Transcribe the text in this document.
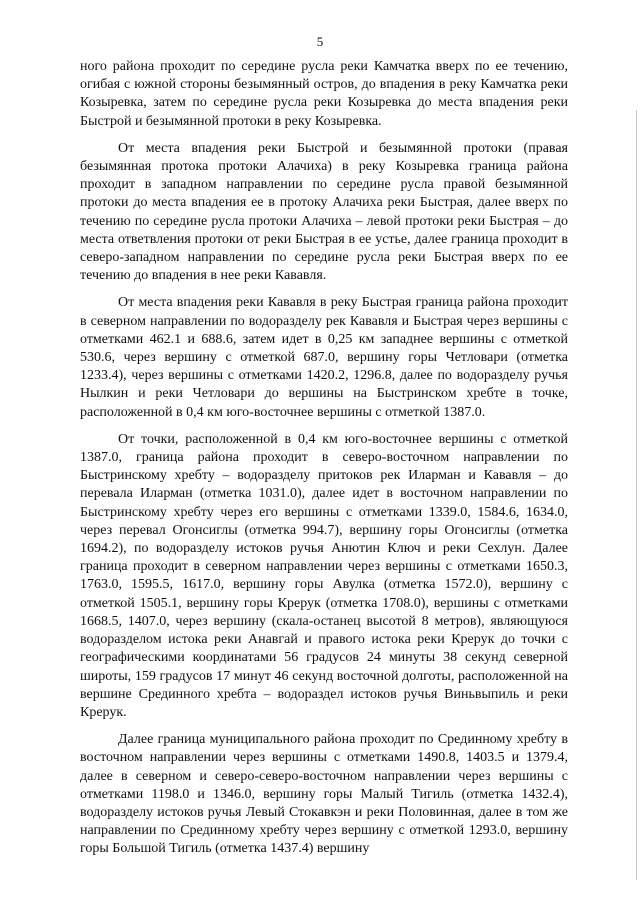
5

ного района проходит по середине русла реки Камчатка вверх по ее течению, огибая с южной стороны безымянный остров, до впадения в реку Камчатка реки Козыревка, затем по середине русла реки Козыревка до места впадения реки Быстрой и безымянной протоки в реку Козыревка.

От места впадения реки Быстрой и безымянной протоки (правая безымянная протока протоки Алачиха) в реку Козыревка граница района проходит в западном направлении по середине русла правой безымянной протоки до места впадения ее в протоку Алачиха реки Быстрая, далее вверх по течению по середине русла протоки Алачиха – левой протоки реки Быстрая – до места ответвления протоки от реки Быстрая в ее устье, далее граница проходит в северо-западном направлении по середине русла реки Быстрая вверх по ее течению до впадения в нее реки Кававля.

От места впадения реки Кававля в реку Быстрая граница района проходит в северном направлении по водоразделу рек Кававля и Быстрая через вершины с отметками 462.1 и 688.6, затем идет в 0,25 км западнее вершины с отметкой 530.6, через вершину с отметкой 687.0, вершину горы Четловари (отметка 1233.4), через вершины с отметками 1420.2, 1296.8, далее по водоразделу ручья Нылкин и реки Четловари до вершины на Быстринском хребте в точке, расположенной в 0,4 км юго-восточнее вершины с отметкой 1387.0.

От точки, расположенной в 0,4 км юго-восточнее вершины с отметкой 1387.0, граница района проходит в северо-восточном направлении по Быстринскому хребту – водоразделу притоков рек Иларман и Кававля – до перевала Иларман (отметка 1031.0), далее идет в восточном направлении по Быстринскому хребту через его вершины с отметками 1339.0, 1584.6, 1634.0, через перевал Огонсиглы (отметка 994.7), вершину горы Огонсиглы (отметка 1694.2), по водоразделу истоков ручья Анютин Ключ и реки Сехлун. Далее граница проходит в северном направлении через вершины с отметками 1650.3, 1763.0, 1595.5, 1617.0, вершину горы Авулка (отметка 1572.0), вершину с отметкой 1505.1, вершину горы Крерук (отметка 1708.0), вершины с отметками 1668.5, 1407.0, через вершину (скала-останец высотой 8 метров), являющуюся водоразделом истока реки Анавгай и правого истока реки Крерук до точки с географическими координатами 56 градусов 24 минуты 38 секунд северной широты, 159 градусов 17 минут 46 секунд восточной долготы, расположенной на вершине Срединного хребта – водораздел истоков ручья Виньвыпиль и реки Крерук.

Далее граница муниципального района проходит по Срединному хребту в восточном направлении через вершины с отметками 1490.8, 1403.5 и 1379.4, далее в северном и северо-северо-восточном направлении через вершины с отметками 1198.0 и 1346.0, вершину горы Малый Тигиль (отметка 1432.4), водоразделу истоков ручья Левый Стокавкэн и реки Половинная, далее в том же направлении по Срединному хребту через вершину с отметкой 1293.0, вершину горы Большой Тигиль (отметка 1437.4) вершину
